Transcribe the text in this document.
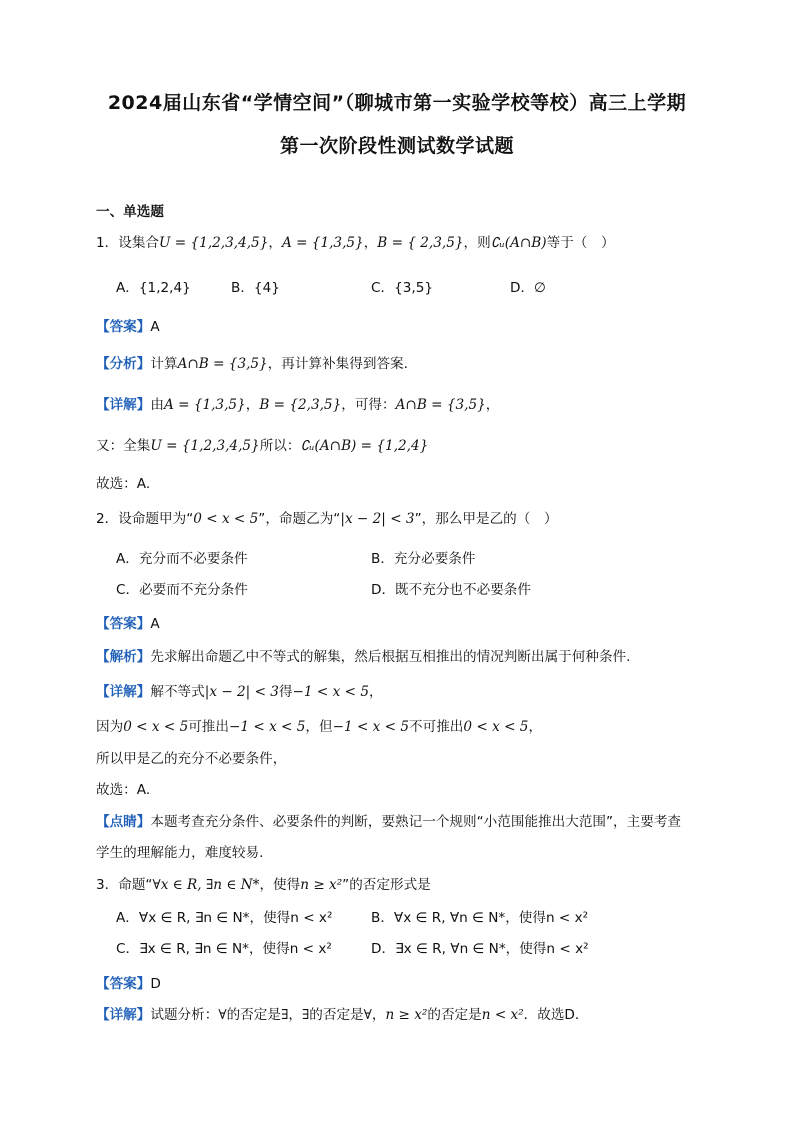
2024届山东省“学情空间”（聊城市第一实验学校等校）高三上学期
第一次阶段性测试数学试题
一、单选题
1．设集合U = {1,2,3,4,5}，A = {1,3,5}，B = { 2,3,5}，则∁ᵤ(A∩B)等于（　）
A．{1,2,4}	B．{4}	C．{3,5}	D．∅
【答案】A
【分析】计算A∩B = {3,5}，再计算补集得到答案.
【详解】由A = {1,3,5}，B = {2,3,5}，可得：A∩B = {3,5}，
又：全集U = {1,2,3,4,5}所以：∁ᵤ(A∩B) = {1,2,4}
故选：A.
2．设命题甲为“0 < x < 5”，命题乙为“|x − 2| < 3”，那么甲是乙的（　）
A．充分而不必要条件	B．充分必要条件
C．必要而不充分条件	D．既不充分也不必要条件
【答案】A
【解析】先求解出命题乙中不等式的解集，然后根据互相推出的情况判断出属于何种条件.
【详解】解不等式|x − 2| < 3得−1 < x < 5，
因为0 < x < 5可推出−1 < x < 5，但−1 < x < 5不可推出0 < x < 5，
所以甲是乙的充分不必要条件，
故选：A.
【点睛】本题考查充分条件、必要条件的判断，要熟记一个规则“小范围能推出大范围”，主要考查
学生的理解能力，难度较易.
3．命题“∀x ∈ R, ∃n ∈ N*，使得n ≥ x²”的否定形式是
A．∀x ∈ R, ∃n ∈ N*，使得n < x²	B．∀x ∈ R, ∀n ∈ N*，使得n < x²
C．∃x ∈ R, ∃n ∈ N*，使得n < x²	D．∃x ∈ R, ∀n ∈ N*，使得n < x²
【答案】D
【详解】试题分析：∀的否定是∃，∃的否定是∀，n ≥ x²的否定是n < x²．故选D．
